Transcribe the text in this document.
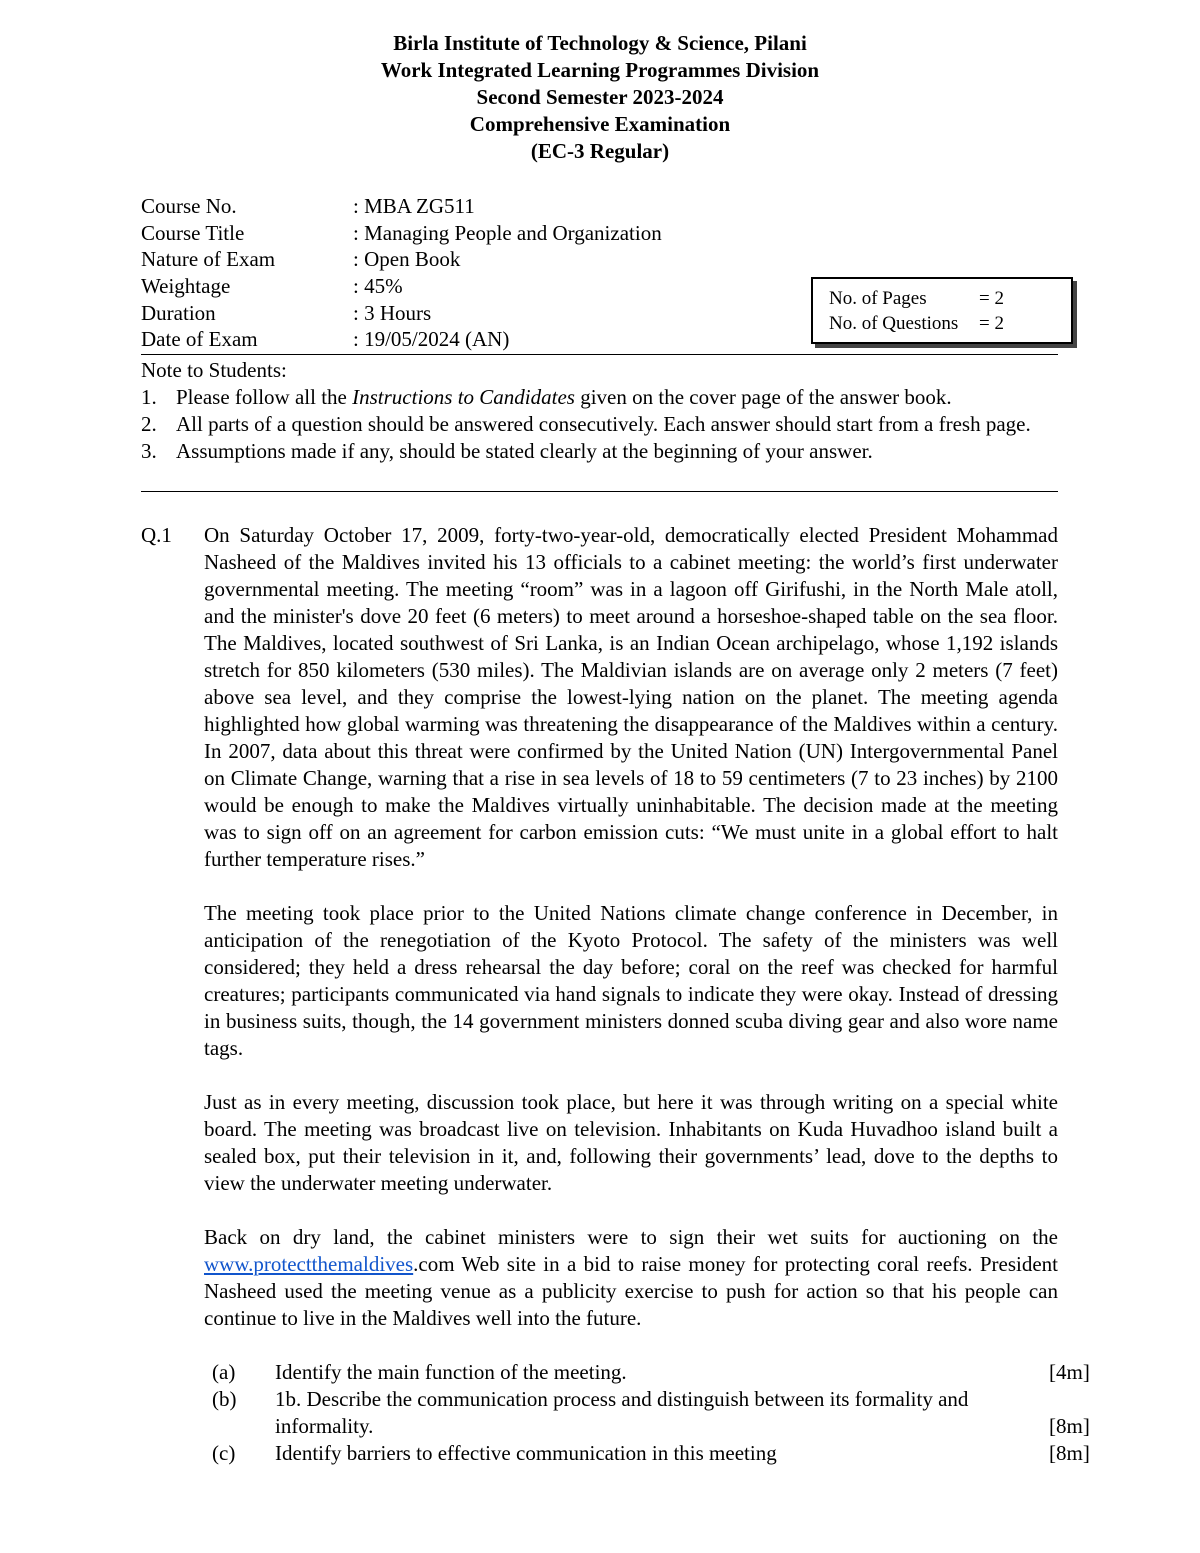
Birla Institute of Technology & Science, Pilani
Work Integrated Learning Programmes Division
Second Semester 2023-2024
Comprehensive Examination
(EC-3 Regular)
Course No.	: MBA ZG511
Course Title	: Managing People and Organization
Nature of Exam	: Open Book
Weightage	: 45%
Duration	: 3 Hours
Date of Exam	: 19/05/2024 (AN)
No. of Pages	= 2
No. of Questions = 2
Note to Students:
1. Please follow all the Instructions to Candidates given on the cover page of the answer book.
2. All parts of a question should be answered consecutively. Each answer should start from a fresh page.
3. Assumptions made if any, should be stated clearly at the beginning of your answer.
Q.1 On Saturday October 17, 2009, forty-two-year-old, democratically elected President Mohammad Nasheed of the Maldives invited his 13 officials to a cabinet meeting: the world’s first underwater governmental meeting. The meeting “room” was in a lagoon off Girifushi, in the North Male atoll, and the minister's dove 20 feet (6 meters) to meet around a horseshoe-shaped table on the sea floor. The Maldives, located southwest of Sri Lanka, is an Indian Ocean archipelago, whose 1,192 islands stretch for 850 kilometers (530 miles). The Maldivian islands are on average only 2 meters (7 feet) above sea level, and they comprise the lowest-lying nation on the planet. The meeting agenda highlighted how global warming was threatening the disappearance of the Maldives within a century. In 2007, data about this threat were confirmed by the United Nation (UN) Intergovernmental Panel on Climate Change, warning that a rise in sea levels of 18 to 59 centimeters (7 to 23 inches) by 2100 would be enough to make the Maldives virtually uninhabitable. The decision made at the meeting was to sign off on an agreement for carbon emission cuts: “We must unite in a global effort to halt further temperature rises.”

The meeting took place prior to the United Nations climate change conference in December, in anticipation of the renegotiation of the Kyoto Protocol. The safety of the ministers was well considered; they held a dress rehearsal the day before; coral on the reef was checked for harmful creatures; participants communicated via hand signals to indicate they were okay. Instead of dressing in business suits, though, the 14 government ministers donned scuba diving gear and also wore name tags.

Just as in every meeting, discussion took place, but here it was through writing on a special white board. The meeting was broadcast live on television. Inhabitants on Kuda Huvadhoo island built a sealed box, put their television in it, and, following their governments’ lead, dove to the depths to view the underwater meeting underwater.

Back on dry land, the cabinet ministers were to sign their wet suits for auctioning on the www.protectthemaldives.com Web site in a bid to raise money for protecting coral reefs. President Nasheed used the meeting venue as a publicity exercise to push for action so that his people can continue to live in the Maldives well into the future.

(a) Identify the main function of the meeting.	[4m]
(b) 1b. Describe the communication process and distinguish between its formality and informality.	[8m]
(c) Identify barriers to effective communication in this meeting	[8m]
